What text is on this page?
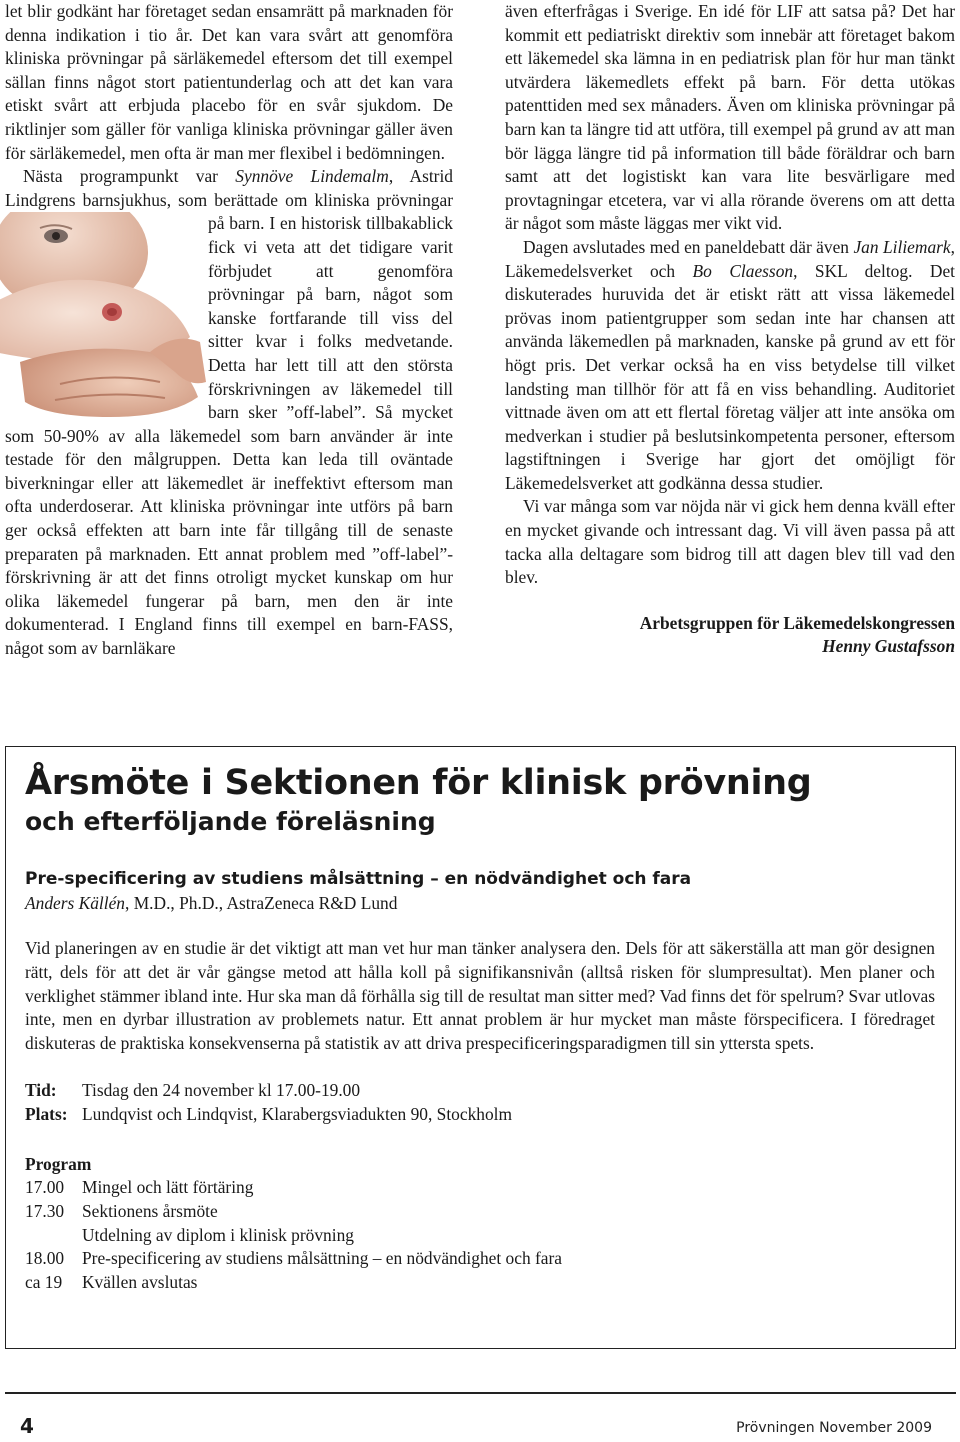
let blir godkänt har företaget sedan ensamrätt på marknaden för denna indikation i tio år. Det kan vara svårt att genomföra kliniska prövningar på särläkemedel eftersom det till exempel sällan finns något stort patientunderlag och att det kan vara etiskt svårt att erbjuda placebo för en svår sjukdom. De riktlinjer som gäller för vanliga kliniska prövningar gäller även för särläkemedel, men ofta är man mer flexibel i bedömningen.

Nästa programpunkt var Synnöve Lindemalm, Astrid Lindgrens barnsjukhus, som berättade om kliniska prövningar på barn.
I en historisk tillbakablick fick vi veta att det tidigare varit förbjudet att genomföra prövningar på barn, något som kanske fortfarande till viss del sitter kvar i folks medvetande. Detta har lett till att den största förskrivningen av läkemedel till barn sker ”off-label”. Så mycket som 50-90% av alla läkemedel som barn använder är inte testade för den målgruppen. Detta kan leda till oväntade biverkningar eller att läkemedlet är ineffektivt eftersom man ofta underdoserar. Att kliniska prövningar inte utförs på barn ger också effekten att barn inte får tillgång till de senaste preparaten på marknaden. Ett annat problem med ”off-label”-förskrivning är att det finns otroligt mycket kunskap om hur olika läkemedel fungerar på barn, men den är inte dokumenterad. I England finns till exempel en barn-FASS, något som av barnläkare

även efterfrågas i Sverige. En idé för LIF att satsa på? Det har kommit ett pediatriskt direktiv som innebär att företaget bakom ett läkemedel ska lämna in en pediatrisk plan för hur man tänkt utvärdera läkemedlets effekt på barn. För detta utökas patenttiden med sex månaders. Även om kliniska prövningar på barn kan ta längre tid att utföra, till exempel på grund av att man bör lägga längre tid på information till både föräldrar och barn samt att det logistiskt kan vara lite besvärligare med provtagningar etcetera, var vi alla rörande överens om att detta är något som måste läggas mer vikt vid.

Dagen avslutades med en paneldebatt där även Jan Liliemark, Läkemedelsverket och Bo Claesson, SKL deltog. Det diskuterades huruvida det är etiskt rätt att vissa läkemedel prövas inom patientgrupper som sedan inte har chansen att använda läkemedlen på marknaden, kanske på grund av ett för högt pris. Det verkar också ha en viss betydelse till vilket landsting man tillhör för att få en viss behandling. Auditoriet vittnade även om att ett flertal företag väljer att inte ansöka om medverkan i studier på beslutsinkompetenta personer, eftersom lagstiftningen i Sverige har gjort det omöjligt för Läkemedelsverket att godkänna dessa studier.

Vi var många som var nöjda när vi gick hem denna kväll efter en mycket givande och intressant dag. Vi vill även passa på att tacka alla deltagare som bidrog till att dagen blev till vad den blev.

Arbetsgruppen för Läkemedelskongressen
Henny Gustafsson
Årsmöte i Sektionen för klinisk prövning
och efterföljande föreläsning
Pre-specificering av studiens målsättning – en nödvändighet och fara

Anders Källén, M.D., Ph.D., AstraZeneca R&D Lund

Vid planeringen av en studie är det viktigt att man vet hur man tänker analysera den. Dels för att säkerställa att man gör designen rätt, dels för att det är vår gängse metod att hålla koll på signifikansnivån (alltså risken för slumpresultat). Men planer och verklighet stämmer ibland inte. Hur ska man då förhålla sig till de resultat man sitter med? Vad finns det för spelrum? Svar utlovas inte, men en dyrbar illustration av problemets natur. Ett annat problem är hur mycket man måste förspecificera. I föredraget diskuteras de praktiska konsekvenserna på statistik av att driva prespecificeringsparadigmen till sin yttersta spets.

Tid:	Tisdag den 24 november kl 17.00-19.00
Plats: Lundqvist och Lindqvist, Klarabergsviadukten 90, Stockholm
Program
17.00	Mingel och lätt förtäring
17.30	Sektionens årsmöte
Utdelning av diplom i klinisk prövning
18.00	Pre-specificering av studiens målsättning – en nödvändighet och fara
ca 19	Kvällen avslutas
4	Prövningen November 2009
